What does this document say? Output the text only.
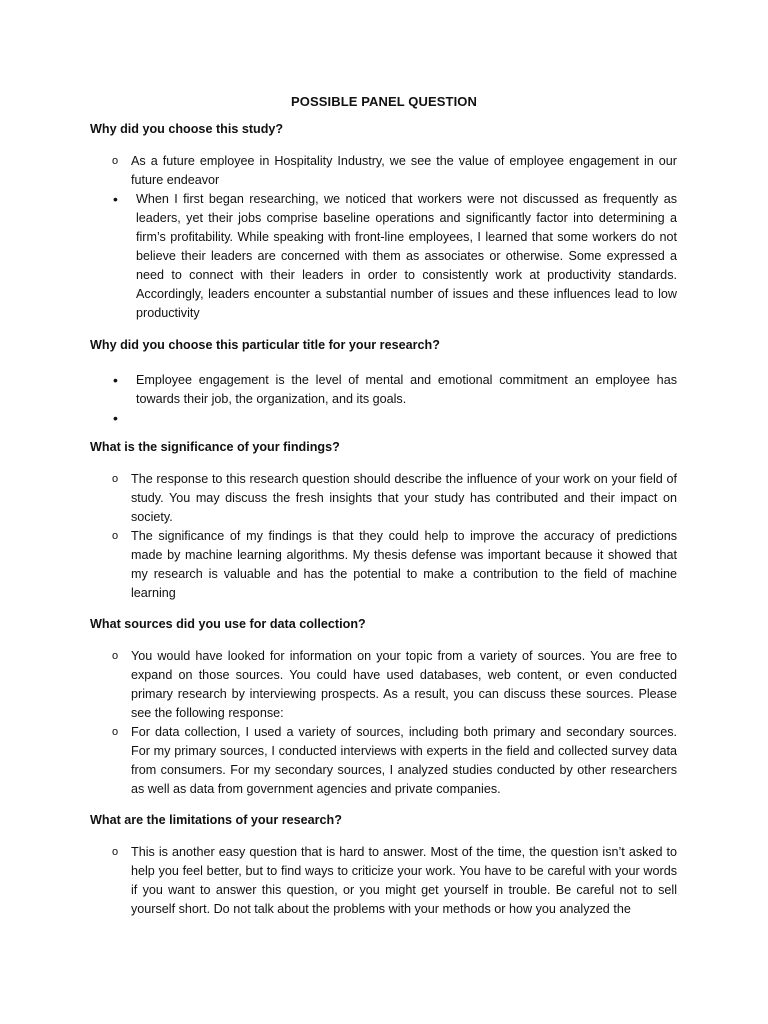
POSSIBLE PANEL QUESTION
Why did you choose this study?
o	As a future employee in Hospitality Industry, we see the value of employee engagement in our future endeavor
•	When I first began researching, we noticed that workers were not discussed as frequently as leaders, yet their jobs comprise baseline operations and significantly factor into determining a firm’s profitability. While speaking with front-line employees, I learned that some workers do not believe their leaders are concerned with them as associates or otherwise. Some expressed a need to connect with their leaders in order to consistently work at productivity standards. Accordingly, leaders encounter a substantial number of issues and these influences lead to low productivity
Why did you choose this particular title for your research?
•	Employee engagement is the level of mental and emotional commitment an employee has towards their job, the organization, and its goals.
•
What is the significance of your findings?
o	The response to this research question should describe the influence of your work on your field of study. You may discuss the fresh insights that your study has contributed and their impact on society.
o	The significance of my findings is that they could help to improve the accuracy of predictions made by machine learning algorithms. My thesis defense was important because it showed that my research is valuable and has the potential to make a contribution to the field of machine learning
What sources did you use for data collection?
o	You would have looked for information on your topic from a variety of sources. You are free to expand on those sources. You could have used databases, web content, or even conducted primary research by interviewing prospects. As a result, you can discuss these sources. Please see the following response:
o	For data collection, I used a variety of sources, including both primary and secondary sources. For my primary sources, I conducted interviews with experts in the field and collected survey data from consumers. For my secondary sources, I analyzed studies conducted by other researchers as well as data from government agencies and private companies.
What are the limitations of your research?
o	This is another easy question that is hard to answer. Most of the time, the question isn’t asked to help you feel better, but to find ways to criticize your work. You have to be careful with your words if you want to answer this question, or you might get yourself in trouble. Be careful not to sell yourself short. Do not talk about the problems with your methods or how you analyzed the
